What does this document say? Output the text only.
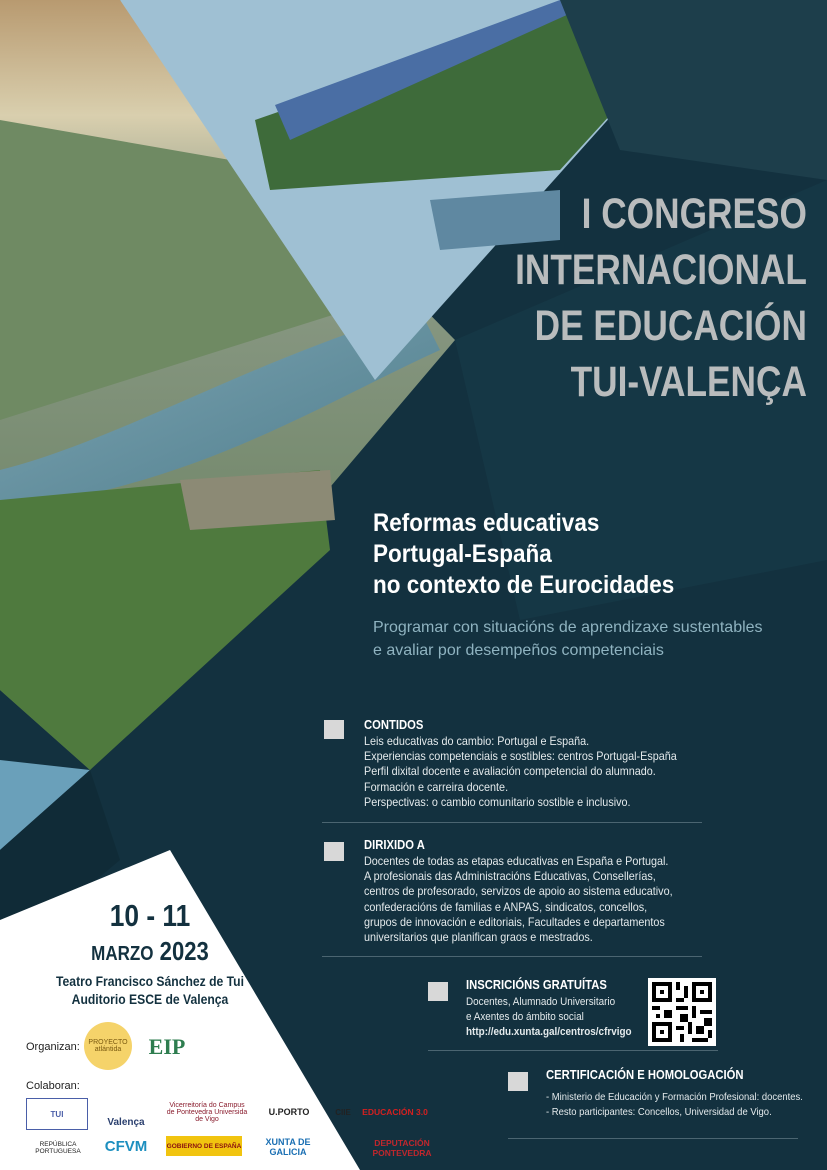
I CONGRESO
INTERNACIONAL
DE EDUCACIÓN
TUI-VALENÇA
Reformas educativas
Portugal-España
no contexto de Eurocidades
Programar con situacións de aprendizaxe sustentables
e avaliar por desempeños competenciais
CONTIDOS
Leis educativas do cambio: Portugal e España.
Experiencias competenciais e sostibles: centros Portugal-España
Perfil dixital docente e avaliación competencial do alumnado.
Formación e carreira docente.
Perspectivas: o cambio comunitario sostible e inclusivo.
DIRIXIDO A
Docentes de todas as etapas educativas en España e Portugal.
A profesionais das Administracións Educativas, Consellerías,
centros de profesorado, servizos de apoio ao sistema educativo,
confederacións de familias e ANPAS, sindicatos, concellos,
grupos de innovación e editoriais, Facultades e departamentos
universitarios que planifican graos e mestrados.
INSCRICIÓNS GRATUÍTAS
Docentes, Alumnado Universitario
e Axentes do ámbito social
http://edu.xunta.gal/centros/cfrvigo
CERTIFICACIÓN E HOMOLOGACIÓN
- Ministerio de Educación y Formación Profesional: docentes.
- Resto participantes: Concellos, Universidad de Vigo.
10 - 11
MARZO 2023
Teatro Francisco Sánchez de Tui
Auditorio ESCE de Valença
Organizan:	PROYECTO atlántida	EIP
Colaboran:
TUI
Valença
Vicerreitoría do Campus de Pontevedra Universida de Vigo
U.PORTO	CIIE	EDUCACIÓN 3.0
REPÚBLICA PORTUGUESA	CFVM	GOBIERNO DE ESPAÑA	XUNTA DE GALICIA
DEPUTACIÓN PONTEVEDRA
